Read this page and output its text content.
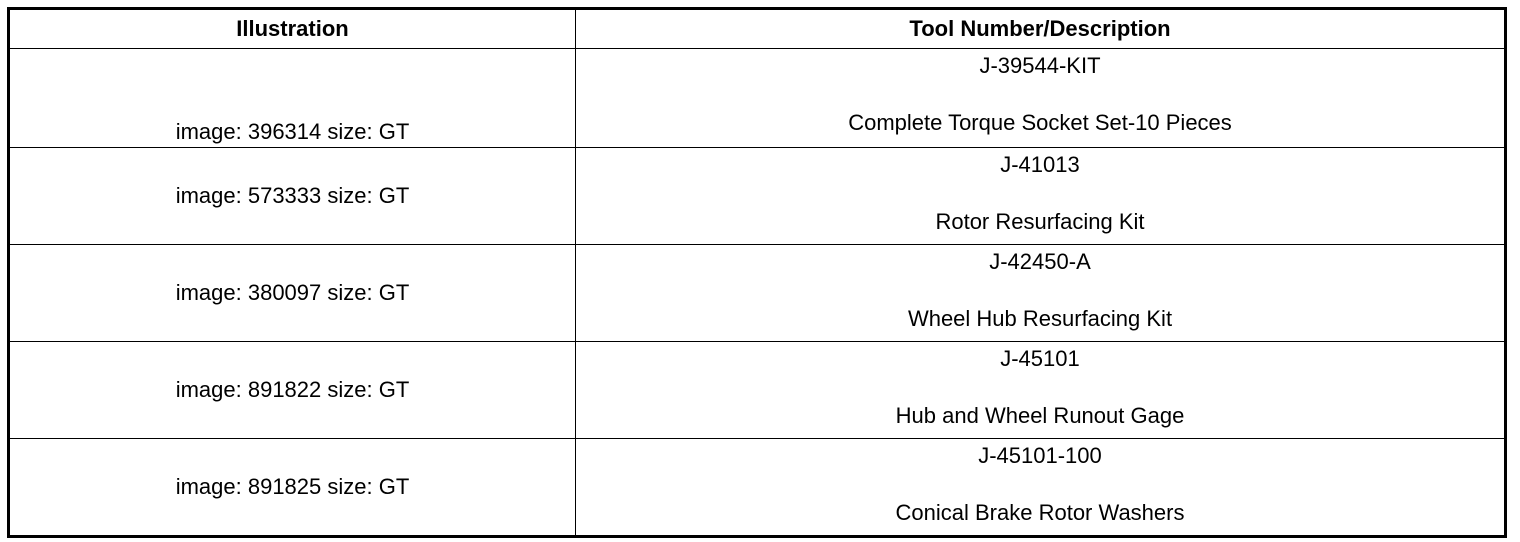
Illustration	Tool Number/Description
image: 396314 size: GT	J-39544-KIT
Complete Torque Socket Set-10 Pieces

image: 573333 size: GT	J-41013
Rotor Resurfacing Kit

image: 380097 size: GT	J-42450-A
Wheel Hub Resurfacing Kit

image: 891822 size: GT	J-45101
Hub and Wheel Runout Gage

image: 891825 size: GT	J-45101-100
Conical Brake Rotor Washers
